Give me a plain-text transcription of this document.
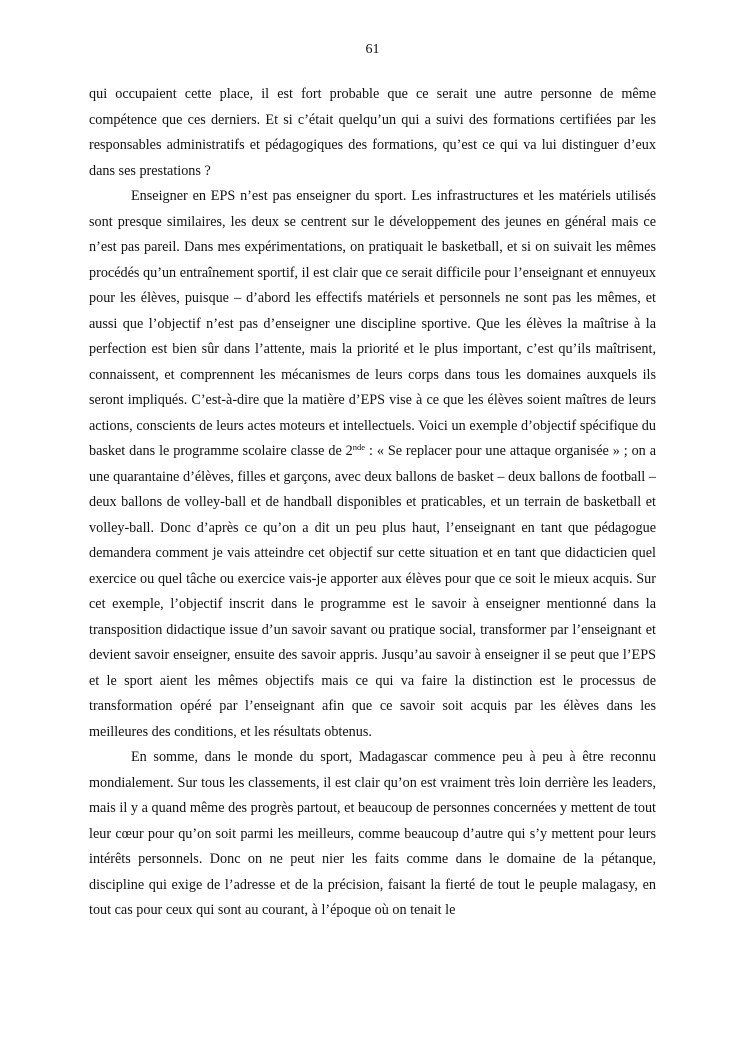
61

qui occupaient cette place, il est fort probable que ce serait une autre personne de même compétence que ces derniers. Et si c’était quelqu’un qui a suivi des formations certifiées par les responsables administratifs et pédagogiques des formations, qu’est ce qui va lui distinguer d’eux dans ses prestations ?

Enseigner en EPS n’est pas enseigner du sport. Les infrastructures et les matériels utilisés sont presque similaires, les deux se centrent sur le développement des jeunes en général mais ce n’est pas pareil. Dans mes expérimentations, on pratiquait le basketball, et si on suivait les mêmes procédés qu’un entraînement sportif, il est clair que ce serait difficile pour l’enseignant et ennuyeux pour les élèves, puisque – d’abord les effectifs matériels et personnels ne sont pas les mêmes, et aussi que l’objectif n’est pas d’enseigner une discipline sportive. Que les élèves la maîtrise à la perfection est bien sûr dans l’attente, mais la priorité et le plus important, c’est qu’ils maîtrisent, connaissent, et comprennent les mécanismes de leurs corps dans tous les domaines auxquels ils seront impliqués. C’est-à-dire que la matière d’EPS vise à ce que les élèves soient maîtres de leurs actions, conscients de leurs actes moteurs et intellectuels. Voici un exemple d’objectif spécifique du basket dans le programme scolaire classe de 2nde : « Se replacer pour une attaque organisée » ; on a une quarantaine d’élèves, filles et garçons, avec deux ballons de basket – deux ballons de football – deux ballons de volley-ball et de handball disponibles et praticables, et un terrain de basketball et volley-ball. Donc d’après ce qu’on a dit un peu plus haut, l’enseignant en tant que pédagogue demandera comment je vais atteindre cet objectif sur cette situation et en tant que didacticien quel exercice ou quel tâche ou exercice vais-je apporter aux élèves pour que ce soit le mieux acquis. Sur cet exemple, l’objectif inscrit dans le programme est le savoir à enseigner mentionné dans la transposition didactique issue d’un savoir savant ou pratique social, transformer par l’enseignant et devient savoir enseigner, ensuite des savoir appris. Jusqu’au savoir à enseigner il se peut que l’EPS et le sport aient les mêmes objectifs mais ce qui va faire la distinction est le processus de transformation opéré par l’enseignant afin que ce savoir soit acquis par les élèves dans les meilleures des conditions, et les résultats obtenus.

En somme, dans le monde du sport, Madagascar commence peu à peu à être reconnu mondialement. Sur tous les classements, il est clair qu’on est vraiment très loin derrière les leaders, mais il y a quand même des progrès partout, et beaucoup de personnes concernées y mettent de tout leur cœur pour qu’on soit parmi les meilleurs, comme beaucoup d’autre qui s’y mettent pour leurs intérêts personnels. Donc on ne peut nier les faits comme dans le domaine de la pétanque, discipline qui exige de l’adresse et de la précision, faisant la fierté de tout le peuple malagasy, en tout cas pour ceux qui sont au courant, à l’époque où on tenait le
